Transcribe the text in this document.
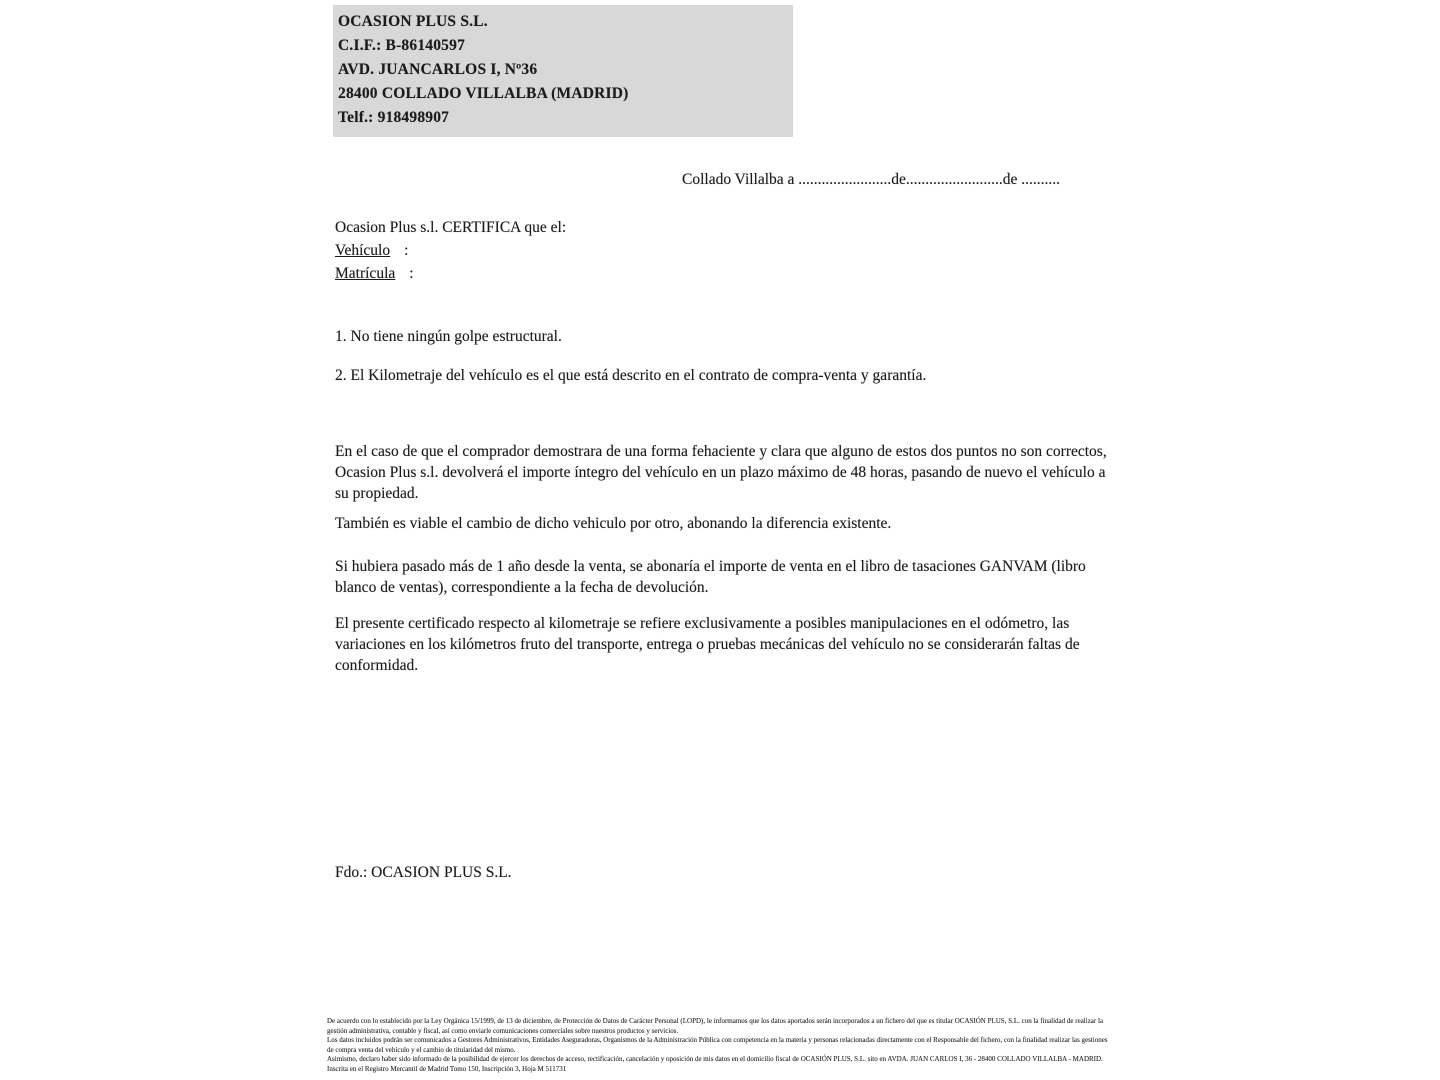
OCASION PLUS S.L.
C.I.F.: B-86140597
AVD. JUANCARLOS I, Nº36
28400 COLLADO VILLALBA (MADRID)
Telf.: 918498907
Collado Villalba a ........................de.........................de ..........
Ocasion Plus s.l. CERTIFICA que el:
Vehículo :
Matrícula :
1. No tiene ningún golpe estructural.
2. El Kilometraje del vehículo es el que está descrito en el contrato de compra-venta y garantía.
En el caso de que el comprador demostrara de una forma fehaciente y clara que alguno de estos dos puntos no son correctos, Ocasion Plus s.l. devolverá el importe íntegro del vehículo en un plazo máximo de 48 horas, pasando de nuevo el vehículo a su propiedad.
También es viable el cambio de dicho vehiculo por otro, abonando la diferencia existente.
Si hubiera pasado más de 1 año desde la venta, se abonaría el importe de venta en el libro de tasaciones GANVAM (libro blanco de ventas), correspondiente a la fecha de devolución.
El presente certificado respecto al kilometraje se refiere exclusivamente a posibles manipulaciones en el odómetro, las variaciones en los kilómetros fruto del transporte, entrega o pruebas mecánicas del vehículo no se considerarán faltas de conformidad.
Fdo.: OCASION PLUS S.L.
De acuerdo con lo establecido por la Ley Orgánica 15/1999, de 13 de diciembre, de Protección de Datos de Carácter Personal (LOPD), le informamos que los datos aportados serán incorporados a un fichero del que es titular OCASIÓN PLUS, S.L. con la finalidad de realizar la gestión administrativa, contable y fiscal, así como enviarle comunicaciones comerciales sobre nuestros productos y servicios.
Los datos incluidos podrán ser comunicados a Gestores Administrativos, Entidades Aseguradoras, Organismos de la Administración Pública con competencia en la materia y personas relacionadas directamente con el Responsable del fichero, con la finalidad realizar las gestiones de compra venta del vehículo y el cambio de titularidad del mismo.
Asimismo, declaro haber sido informado de la posibilidad de ejercer los derechos de acceso, rectificación, cancelación y oposición de mis datos en el domicilio fiscal de OCASIÓN PLUS, S.L. sito en AVDA. JUAN CARLOS I, 36 - 28400 COLLADO VILLALBA - MADRID. Inscrita en el Registro Mercantil de Madrid Tomo 150, Inscripción 3, Hoja M 511731
